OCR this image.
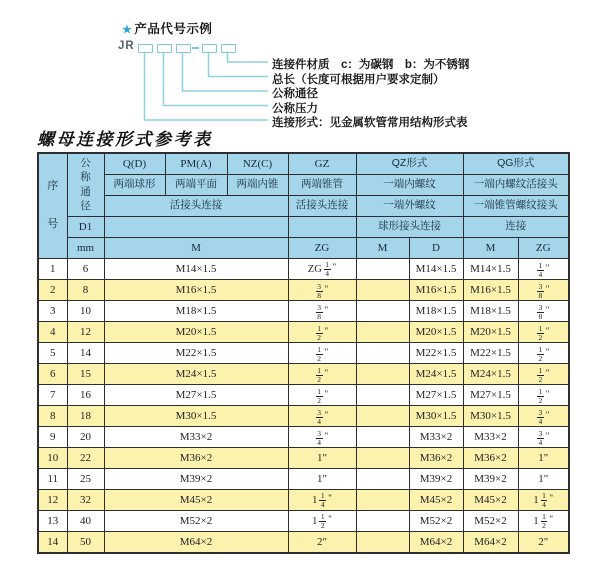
★ 产品代号示例
JR
连接件材质　c：为碳钢　b：为不锈钢
总长（长度可根据用户要求定制）
公称通径
公称压力
连接形式：见金属软管常用结构形式表
螺母连接形式参考表
序
号	公
称
通
径	Q(D)	PM(A)	NZ(C)	GZ	QZ形式		QG形式	
		两端球形	两端平面	两端内锥	两端锥管	一端内螺纹		一端内螺纹活接头	
		活接头连接			活接头连接	一端外螺纹		一端锥管螺纹接头	
	D1					球形接头连接		连接	
	mm	M			ZG	M	D	M	ZG
1	6	M14×1.5			ZG $\frac{1}{4}$ "		M14×1.5	M14×1.5	$\frac{1}{4}$ "

2	8	M16×1.5			$\frac{3}{8}$ "		M16×1.5	M16×1.5	$\frac{3}{8}$ "

3	10	M18×1.5			$\frac{3}{8}$ "		M18×1.5	M18×1.5	$\frac{3}{8}$ "

4	12	M20×1.5			$\frac{1}{2}$ "		M20×1.5	M20×1.5	$\frac{1}{2}$ "

5	14	M22×1.5			$\frac{1}{2}$ "		M22×1.5	M22×1.5	$\frac{1}{2}$ "

6	15	M24×1.5			$\frac{1}{2}$ "		M24×1.5	M24×1.5	$\frac{1}{2}$ "

7	16	M27×1.5			$\frac{1}{2}$ "		M27×1.5	M27×1.5	$\frac{1}{2}$ "

8	18	M30×1.5			$\frac{3}{4}$ "		M30×1.5	M30×1.5	$\frac{3}{4}$ "

9	20	M33×2			$\frac{3}{4}$ "		M33×2	M33×2	$\frac{3}{4}$ "

10	22	M36×2			1"		M36×2	M36×2	1"
11	25	M39×2			1"		M39×2	M39×2	1"
12	32	M45×2			$1 \frac{1}{4}$ "		M45×2	M45×2	$1 \frac{1}{4}$ "

13	40	M52×2			$1 \frac{1}{2}$ "		M52×2	M52×2	$1 \frac{1}{2}$ "

14	50	M64×2			2"		M64×2	M64×2	2"
